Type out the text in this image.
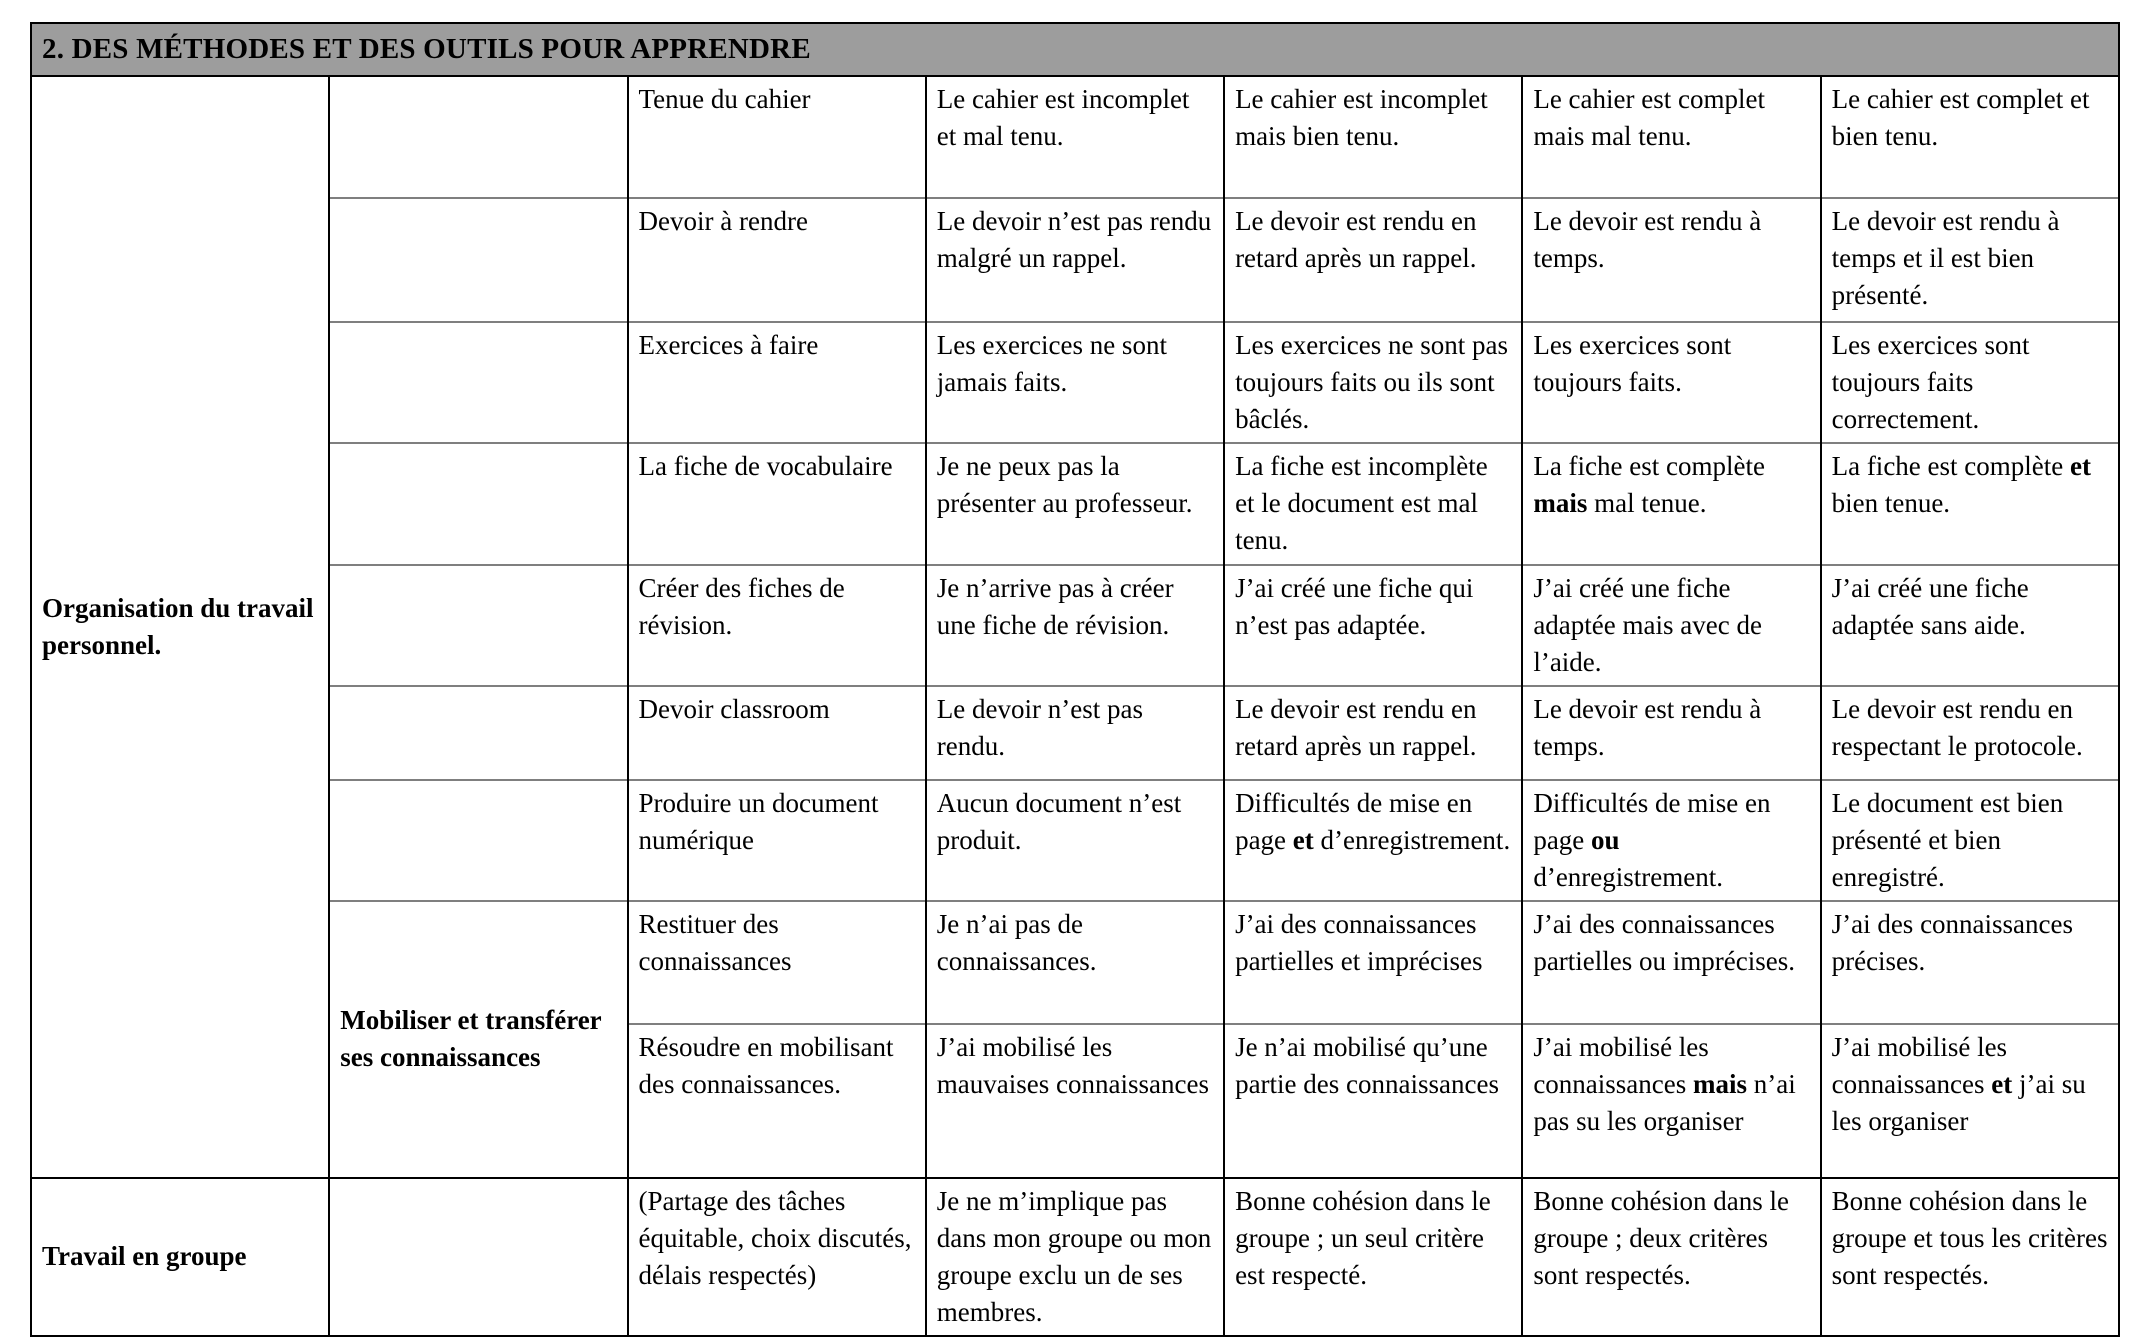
2. DES MÉTHODES ET DES OUTILS POUR APPRENDRE						
Organisation du travail personnel.		Tenue du cahier	Le cahier est incomplet et mal tenu.	Le cahier est incomplet mais bien tenu.	Le cahier est complet mais mal tenu.	Le cahier est complet et bien tenu.
		Devoir à rendre	Le devoir n’est pas rendu malgré un rappel.	Le devoir est rendu en retard après un rappel.	Le devoir est rendu à temps.	Le devoir est rendu à temps et il est bien présenté.
		Exercices à faire	Les exercices ne sont jamais faits.	Les exercices ne sont pas toujours faits ou ils sont bâclés.	Les exercices sont toujours faits.	Les exercices sont toujours faits correctement.
		La fiche de vocabulaire	Je ne peux pas la présenter au professeur.	La fiche est incomplète et le document est mal tenu.	La fiche est complète mais mal tenue.	La fiche est complète et bien tenue.
		Créer des fiches de révision.	Je n’arrive pas à créer une fiche de révision.	J’ai créé une fiche qui n’est pas adaptée.	J’ai créé une fiche adaptée mais avec de l’aide.	J’ai créé une fiche adaptée sans aide.
		Devoir classroom	Le devoir n’est pas rendu.	Le devoir est rendu en retard après un rappel.	Le devoir est rendu à temps.	Le devoir est rendu en respectant le protocole.
		Produire un document numérique	Aucun document n’est produit.	Difficultés de mise en page et d’enregistrement.	Difficultés de mise en page ou d’enregistrement.	Le document est bien présenté et bien enregistré.
	Mobiliser et transférer ses connaissances	Restituer des connaissances	Je n’ai pas de connaissances.	J’ai des connaissances partielles et imprécises	J’ai des connaissances partielles ou imprécises.	J’ai des connaissances précises.
		Résoudre en mobilisant des connaissances.	J’ai mobilisé les mauvaises connaissances	Je n’ai mobilisé qu’une partie des connaissances	J’ai mobilisé les connaissances mais n’ai pas su les organiser	J’ai mobilisé les connaissances et j’ai su les organiser
Travail en groupe		(Partage des tâches équitable, choix discutés, délais respectés)	Je ne m’implique pas dans mon groupe ou mon groupe exclu un de ses membres.	Bonne cohésion dans le groupe ; un seul critère est respecté.	Bonne cohésion dans le groupe ; deux critères sont respectés.	Bonne cohésion dans le groupe et tous les critères sont respectés.
